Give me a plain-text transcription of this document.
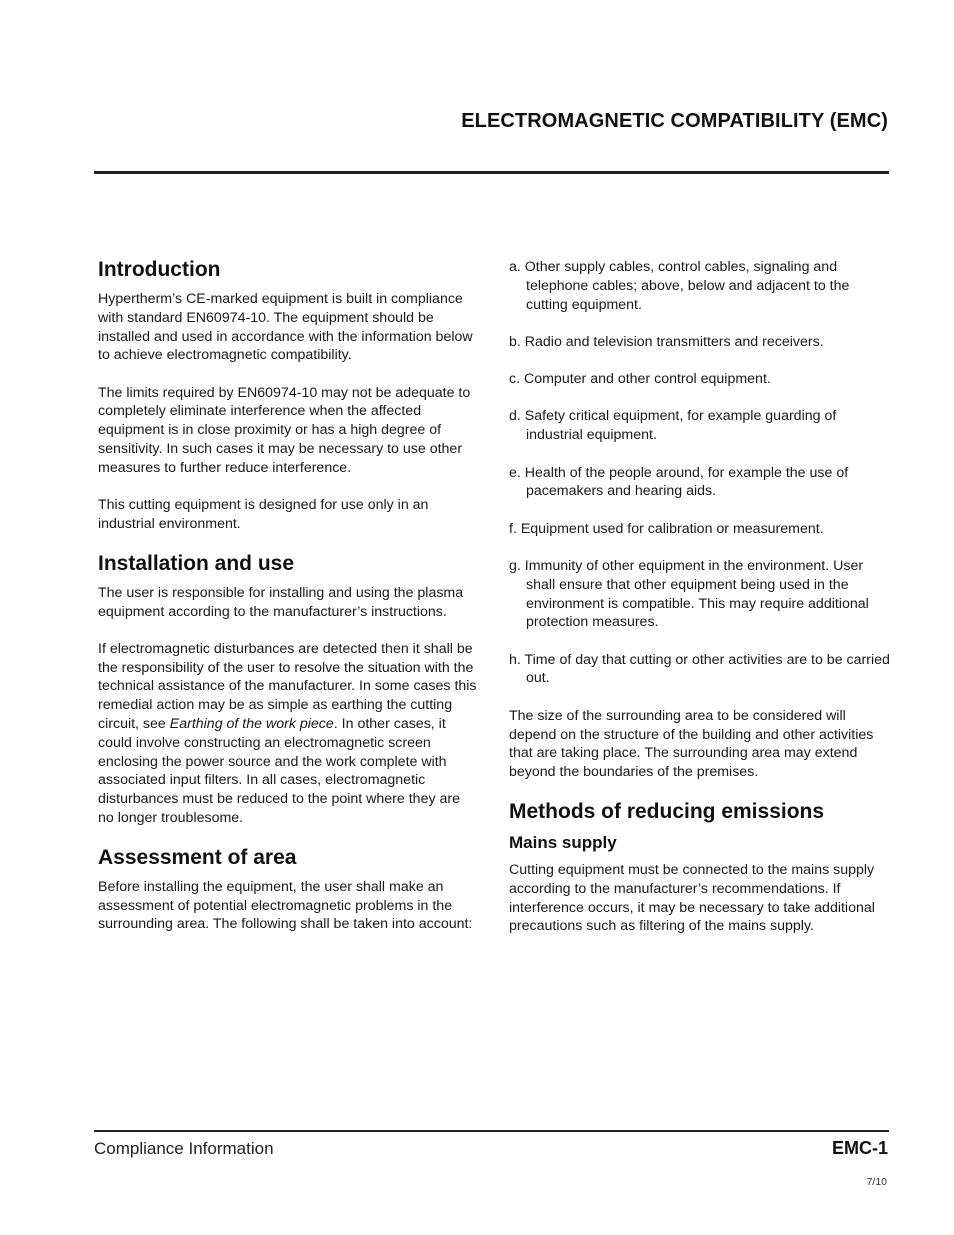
ELECTROMAGNETIC COMPATIBILITY (EMC)
Introduction

Hypertherm’s CE-marked equipment is built in compliance with standard EN60974-10. The equipment should be installed and used in accordance with the information below to achieve electromagnetic compatibility.

The limits required by EN60974-10 may not be adequate to completely eliminate interference when the affected equipment is in close proximity or has a high degree of sensitivity. In such cases it may be necessary to use other measures to further reduce interference.

This cutting equipment is designed for use only in an industrial environment.

Installation and use

The user is responsible for installing and using the plasma equipment according to the manufacturer’s instructions.

If electromagnetic disturbances are detected then it shall be the responsibility of the user to resolve the situation with the technical assistance of the manufacturer. In some cases this remedial action may be as simple as earthing the cutting circuit, see Earthing of the work piece. In other cases, it could involve constructing an electromagnetic screen enclosing the power source and the work complete with associated input filters. In all cases, electromagnetic disturbances must be reduced to the point where they are no longer troublesome.

Assessment of area

Before installing the equipment, the user shall make an assessment of potential electromagnetic problems in the surrounding area. The following shall be taken into account:

a. Other supply cables, control cables, signaling and telephone cables; above, below and adjacent to the cutting equipment.
b. Radio and television transmitters and receivers.
c. Computer and other control equipment.
d. Safety critical equipment, for example guarding of industrial equipment.
e. Health of the people around, for example the use of pacemakers and hearing aids.
f. Equipment used for calibration or measurement.
g. Immunity of other equipment in the environment. User shall ensure that other equipment being used in the environment is compatible. This may require additional protection measures.
h. Time of day that cutting or other activities are to be carried out.

The size of the surrounding area to be considered will depend on the structure of the building and other activities that are taking place. The surrounding area may extend beyond the boundaries of the premises.

Methods of reducing emissions
Mains supply

Cutting equipment must be connected to the mains supply according to the manufacturer’s recommendations. If interference occurs, it may be necessary to take additional precautions such as filtering of the mains supply.

Compliance Information	EMC-1
7/10
